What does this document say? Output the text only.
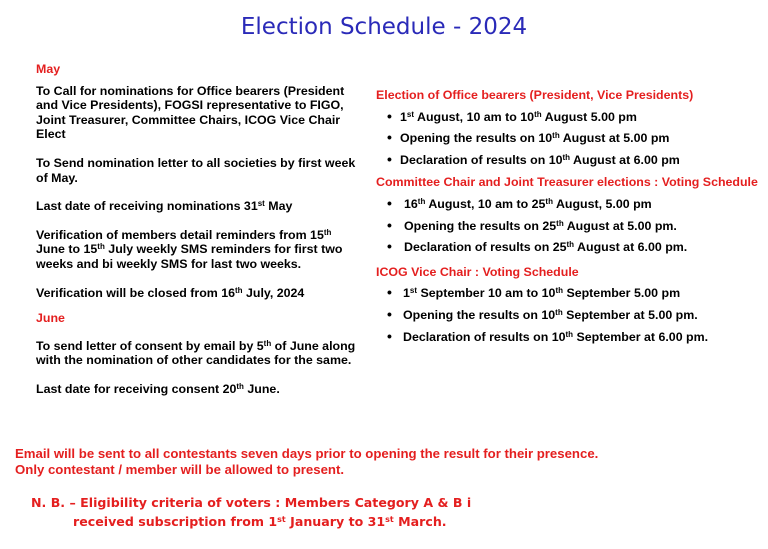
Election Schedule - 2024

May

To Call for nominations for Office bearers (President and Vice Presidents), FOGSI representative to FIGO, Joint Treasurer, Committee Chairs, ICOG Vice Chair Elect

To Send nomination letter to all societies by first week of May.

Last date of receiving nominations 31st May

Verification of members detail reminders from 15th June to 15th July weekly SMS reminders for first two weeks and bi weekly SMS for last two weeks.

Verification will be closed from 16th July, 2024

June

To send letter of consent by email by 5th of June along with the nomination of other candidates for the same.

Last date for receiving consent 20th June.

Election of Office bearers (President, Vice Presidents)

• 1st August, 10 am to 10th August 5.00 pm
• Opening the results on 10th August at 5.00 pm
• Declaration of results on 10th August at 6.00 pm

Committee Chair and Joint Treasurer elections : Voting Schedule

• 16th August, 10 am to 25th August, 5.00 pm
• Opening the results on 25th August at 5.00 pm.
• Declaration of results on 25th August at 6.00 pm.

ICOG Vice Chair : Voting Schedule

• 1st September 10 am to 10th September 5.00 pm
• Opening the results on 10th September at 5.00 pm.
• Declaration of results on 10th September at 6.00 pm.
Email will be sent to all contestants seven days prior to opening the result for their presence.
Only contestant / member will be allowed to present.
N. B. – Eligibility criteria of voters : Members Category A & B i
received subscription from 1st January to 31st March.
